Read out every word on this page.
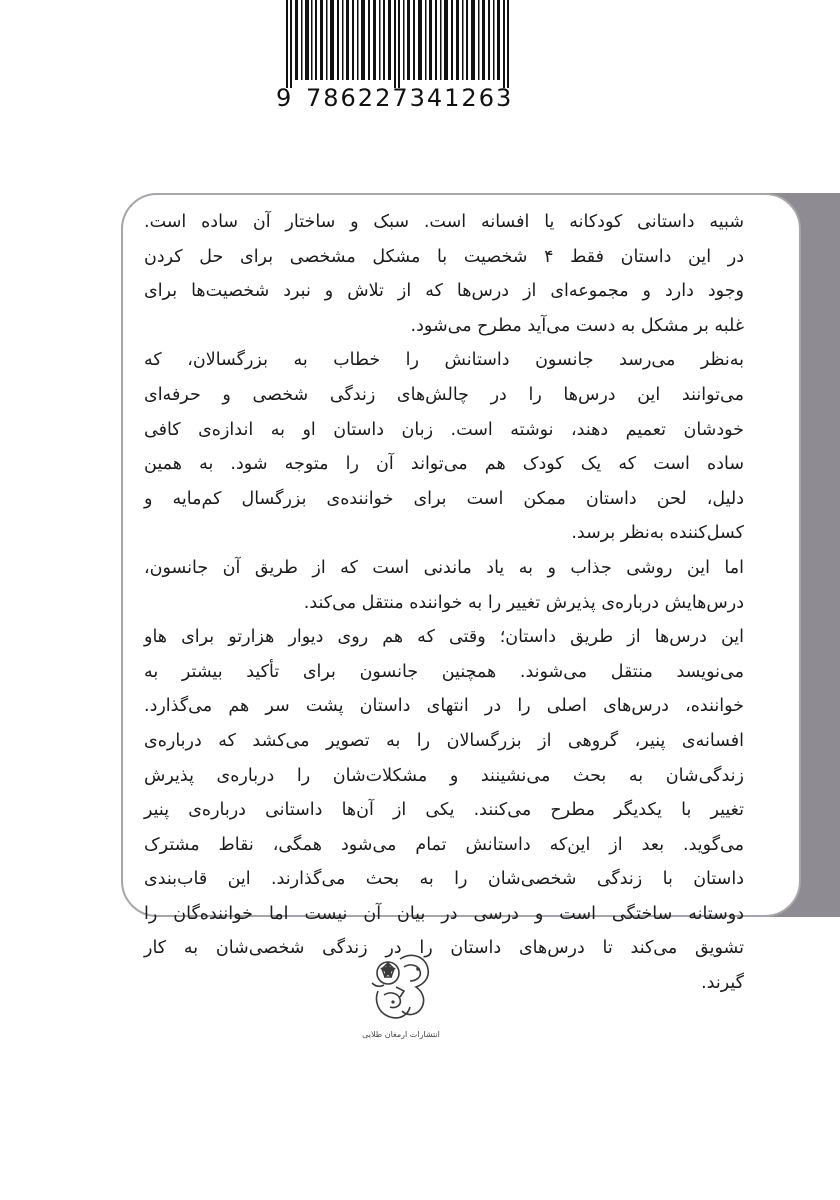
9 786227341263
شبیه داستانی کودکانه یا افسانه است. سبک و ساختار آن ساده است.
در این داستان فقط ۴ شخصیت با مشکل مشخصی برای حل کردن
وجود دارد و مجموعه‌ای از درس‌ها که از تلاش و نبرد شخصیت‌ها برای
غلبه بر مشکل به دست می‌آید مطرح می‌شود.
به‌نظر می‌رسد جانسون داستانش را خطاب به بزرگسالان، که
می‌توانند این درس‌ها را در چالش‌های زندگی شخصی و حرفه‌ای
خودشان تعمیم دهند، نوشته است. زبان داستان او به اندازه‌ی کافی
ساده است که یک کودک هم می‌تواند آن را متوجه شود. به همین
دلیل، لحن داستان ممکن است برای خواننده‌ی بزرگسال کم‌مایه و
کسل‌کننده به‌نظر برسد.
اما این روشی جذاب و به یاد ماندنی است که از طریق آن جانسون،
درس‌هایش درباره‌ی پذیرش تغییر را به خواننده منتقل می‌کند.
این درس‌ها از طریق داستان؛ وقتی که هم روی دیوار هزارتو برای هاو
می‌نویسد منتقل می‌شوند. همچنین جانسون برای تأکید بیشتر به
خواننده، درس‌های اصلی را در انتهای داستان پشت سر هم می‌گذارد.
افسانه‌ی پنیر، گروهی از بزرگسالان را به تصویر می‌کشد که درباره‌ی
زندگی‌شان به بحث می‌نشینند و مشکلات‌شان را درباره‌ی پذیرش
تغییر با یکدیگر مطرح می‌کنند. یکی از آن‌ها داستانی درباره‌ی پنیر
می‌گوید. بعد از این‌که داستانش تمام می‌شود همگی، نقاط مشترک
داستان با زندگی شخصی‌شان را به بحث می‌گذارند. این قاب‌بندی
دوستانه ساختگی است و درسی در بیان آن نیست اما خواننده‌گان را
تشویق می‌کند تا درس‌های داستان را در زندگی شخصی‌شان به کار
گیرند.
انتشارات ارمغان طلایی
